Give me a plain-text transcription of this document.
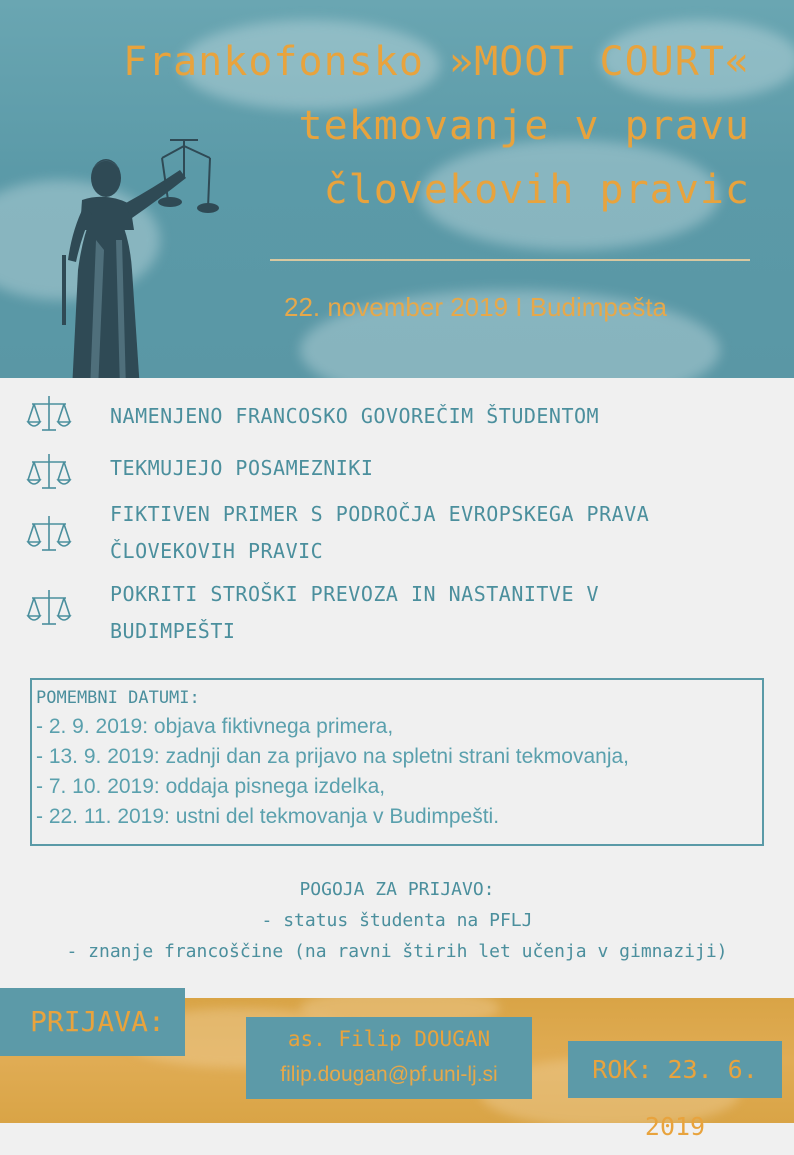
Frankofonsko »MOOT COURT«
tekmovanje v pravu
človekovih pravic
22. november 2019 I Budimpešta
NAMENJENO FRANCOSKO GOVOREČIM ŠTUDENTOM
TEKMUJEJO POSAMEZNIKI
FIKTIVEN PRIMER S PODROČJA EVROPSKEGA PRAVA
ČLOVEKOVIH PRAVIC
POKRITI STROŠKI PREVOZA IN NASTANITVE V
BUDIMPEŠTI
POMEMBNI DATUMI:
- 2. 9. 2019: objava fiktivnega primera,
- 13. 9. 2019: zadnji dan za prijavo na spletni strani tekmovanja,
- 7. 10. 2019: oddaja pisnega izdelka,
- 22. 11. 2019: ustni del tekmovanja v Budimpešti.
POGOJA ZA PRIJAVO:
- status študenta na PFLJ
- znanje francoščine (na ravni štirih let učenja v gimnaziji)
PRIJAVA:
as. Filip DOUGAN
filip.dougan@pf.uni-lj.si	ROK: 23. 6. 2019
